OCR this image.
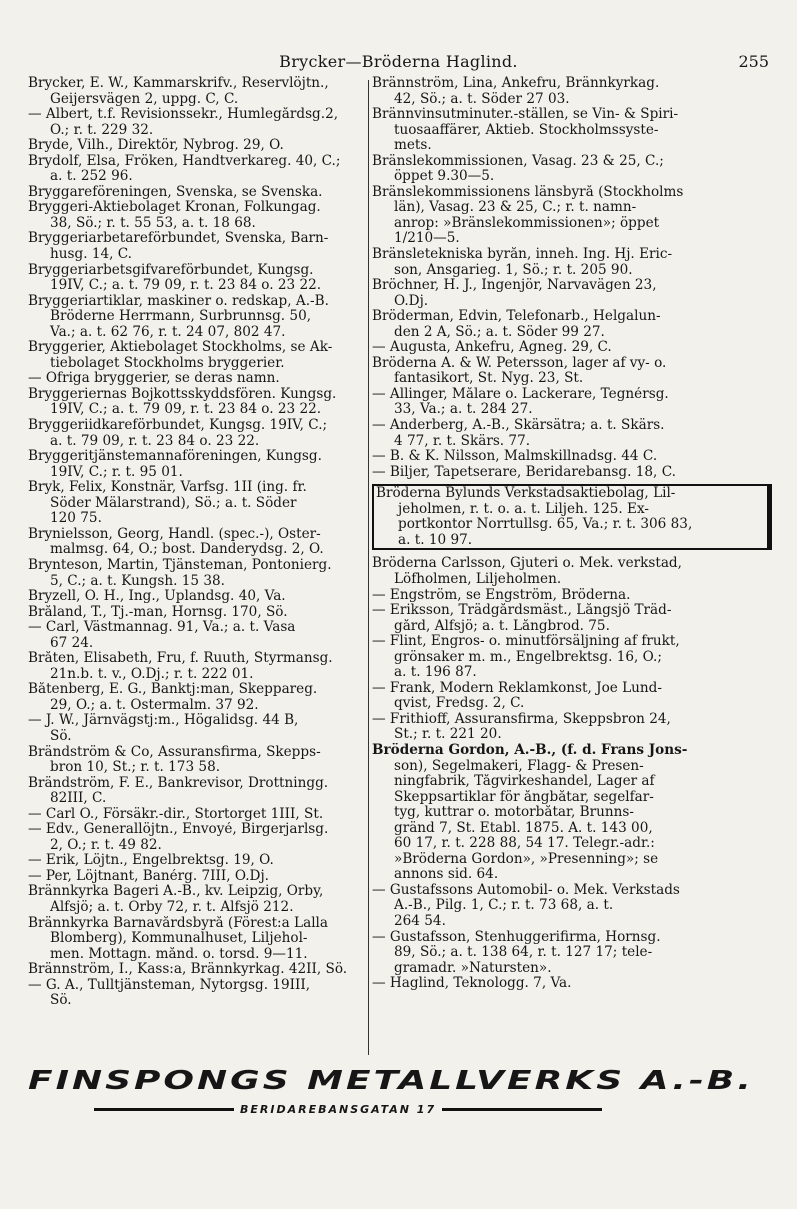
Brycker—Bröderna Haglind.	255
Brycker, E. W., Kammarskrifv., Reservlöjtn.,
Geijersvägen 2, uppg. C, C.
— Albert, t.f. Revisionssekr., Humlegårdsg.2,
Ö.; r. t. 229 32.
Bryde, Vilh., Direktör, Nybrog. 29, Ö.
Brydolf, Elsa, Fröken, Handtverkareg. 40, C.;
a. t. 252 96.
Bryggareföreningen, Svenska, se Svenska.
Bryggeri-Aktiebolaget Kronan, Folkungag.
38, Sö.; r. t. 55 53, a. t. 18 68.
Bryggeriarbetareförbundet, Svenska, Barn-
husg. 14, C.
Bryggeriarbetsgifvareförbundet, Kungsg.
19IV, C.; a. t. 79 09, r. t. 23 84 o. 23 22.
Bryggeriartiklar, maskiner o. redskap, A.-B.
Bröderne Herrmann, Surbrunnsg. 50,
Va.; a. t. 62 76, r. t. 24 07, 802 47.
Bryggerier, Aktiebolaget Stockholms, se Ak-
tiebolaget Stockholms bryggerier.
— Öfriga bryggerier, se deras namn.
Bryggeriernas Bojkottsskyddsfören. Kungsg.
19IV, C.; a. t. 79 09, r. t. 23 84 o. 23 22.
Bryggeriidkareförbundet, Kungsg. 19IV, C.;
a. t. 79 09, r. t. 23 84 o. 23 22.
Bryggeritjänstemannaföreningen, Kungsg.
19IV, C.; r. t. 95 01.
Bryk, Felix, Konstnär, Varfsg. 1II (ing. fr.
Söder Mälarstrand), Sö.; a. t. Söder
120 75.
Brynielsson, Georg, Handl. (spec.-), Öster-
malmsg. 64, Ö.; bost. Danderydsg. 2, Ö.
Brynteson, Martin, Tjänsteman, Pontonierg.
5, C.; a. t. Kungsh. 15 38.
Bryzell, O. H., Ing., Uplandsg. 40, Va.
Bråland, T., Tj.-man, Hornsg. 170, Sö.
— Carl, Västmannag. 91, Va.; a. t. Vasa
67 24.
Bråten, Elisabeth, Fru, f. Ruuth, Styrmansg.
21n.b. t. v., Ö.Dj.; r. t. 222 01.
Båtenberg, E. G., Banktj:man, Skeppareg.
29, Ö.; a. t. Östermalm. 37 92.
— J. W., Järnvägstj:m., Högalidsg. 44 B,
Sö.
Brändström & Co, Assuransfirma, Skepps-
bron 10, St.; r. t. 173 58.
Brändström, F. E., Bankrevisor, Drottningg.
82III, C.
— Carl O., Försäkr.-dir., Stortorget 1III, St.
— Edv., Generallöjtn., Envoyé, Birgerjarlsg.
2, Ö.; r. t. 49 82.
— Erik, Löjtn., Engelbrektsg. 19, Ö.
— Per, Löjtnant, Banérg. 7III, Ö.Dj.
Brännkyrka Bageri A.-B., kv. Leipzig, Örby,
Älfsjö; a. t. Örby 72, r. t. Älfsjö 212.
Brännkyrka Barnavårdsbyrå (Förest:a Lalla
Blomberg), Kommunalhuset, Liljehol-
men. Mottagn. månd. o. torsd. 9—11.
Brännström, I., Kass:a, Brännkyrkag. 42II, Sö.
— G. A., Tulltjänsteman, Nytorgsg. 19III,
Sö.
Brännström, Lina, Änkefru, Brännkyrkag.
42, Sö.; a. t. Söder 27 03.
Brännvinsutminuter.-ställen, se Vin- & Spiri-
tuosaaffärer, Aktieb. Stockholmssyste-
mets.
Bränslekommissionen, Vasag. 23 & 25, C.;
öppet 9.30—5.
Bränslekommissionens länsbyrå (Stockholms
län), Vasag. 23 & 25, C.; r. t. namn-
anrop: »Bränslekommissionen»; öppet
1/210—5.
Bränsletekniska byrån, inneh. Ing. Hj. Eric-
son, Ansgarieg. 1, Sö.; r. t. 205 90.
Bröchner, H. J., Ingenjör, Narvavägen 23,
Ö.Dj.
Bröderman, Edvin, Telefonarb., Helgalun-
den 2 A, Sö.; a. t. Söder 99 27.
— Augusta, Änkefru, Agneg. 29, C.
Bröderna A. & W. Petersson, lager af vy- o.
fantasikort, St. Nyg. 23, St.
— Allinger, Målare o. Lackerare, Tegnérsg.
33, Va.; a. t. 284 27.
— Anderberg, A.-B., Skärsätra; a. t. Skärs.
4 77, r. t. Skärs. 77.
— B. & K. Nilsson, Malmskillnadsg. 44 C.
— Biljer, Tapetserare, Beridarebansg. 18, C.
Bröderna Bylunds Verkstadsaktiebolag, Lil-
jeholmen, r. t. o. a. t. Liljeh. 125. Ex-
portkontor Norrtullsg. 65, Va.; r. t. 306 83,
a. t. 10 97.
Bröderna Carlsson, Gjuteri o. Mek. verkstad,
Löfholmen, Liljeholmen.
— Engström, se Engström, Bröderna.
— Eriksson, Trädgårdsmäst., Långsjö Träd-
gård, Älfsjö; a. t. Långbrod. 75.
— Flint, Engros- o. minutförsäljning af frukt,
grönsaker m. m., Engelbrektsg. 16, Ö.;
a. t. 196 87.
— Frank, Modern Reklamkonst, Joe Lund-
qvist, Fredsg. 2, C.
— Frithioff, Assuransfirma, Skeppsbron 24,
St.; r. t. 221 20.
Bröderna Gordon, A.-B., (f. d. Frans Jons-
son), Segelmakeri, Flagg- & Presen-
ningfabrik, Tågvirkeshandel, Lager af
Skeppsartiklar för ångbåtar, segelfar-
tyg, kuttrar o. motorbåtar, Brunns-
gränd 7, St. Etabl. 1875. A. t. 143 00,
60 17, r. t. 228 88, 54 17. Telegr.-adr.:
»Bröderna Gordon», »Presenning»; se
annons sid. 64.
— Gustafssons Automobil- o. Mek. Verkstads
A.-B., Pilg. 1, C.; r. t. 73 68, a. t.
264 54.
— Gustafsson, Stenhuggerifirma, Hornsg.
89, Sö.; a. t. 138 64, r. t. 127 17; tele-
gramadr. »Natursten».
— Haglind, Teknologg. 7, Va.
FINSPONGS METALLVERKS A.-B.
BERIDAREBANSGATAN 17
